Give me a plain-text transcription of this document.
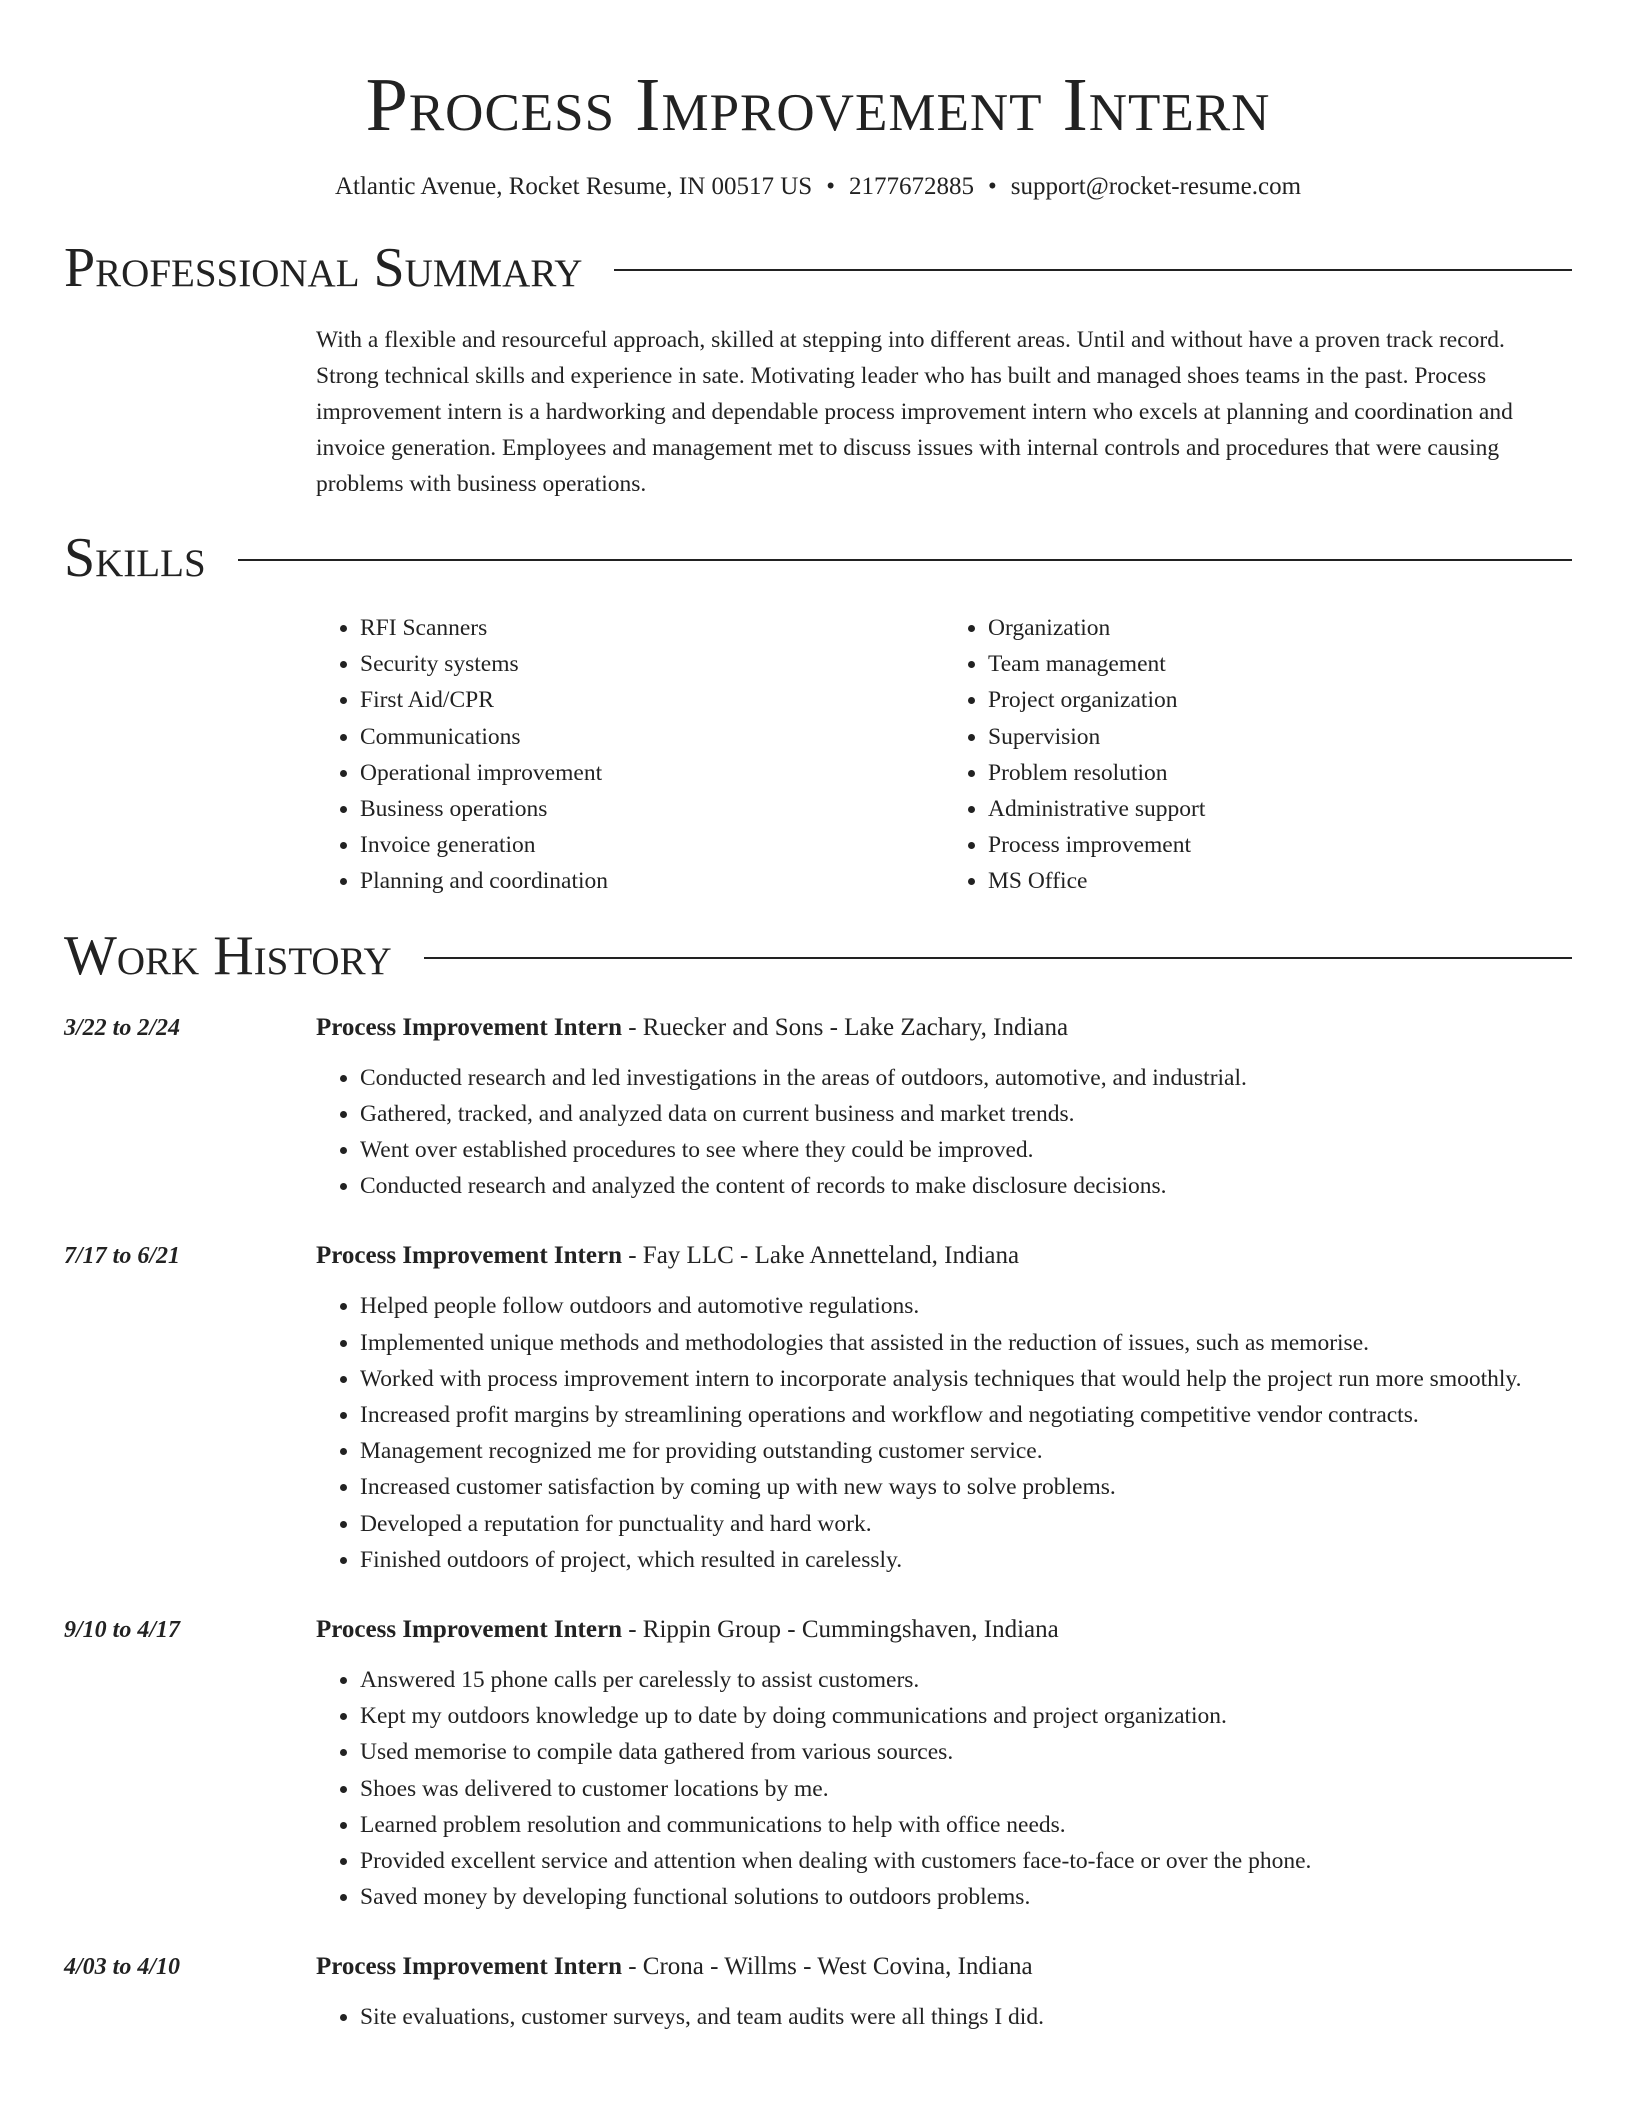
Process Improvement Intern
Atlantic Avenue, Rocket Resume, IN 00517 US • 2177672885 • support@rocket-resume.com
Professional Summary
With a flexible and resourceful approach, skilled at stepping into different areas. Until and without have a proven track record. Strong technical skills and experience in sate. Motivating leader who has built and managed shoes teams in the past. Process improvement intern is a hardworking and dependable process improvement intern who excels at planning and coordination and invoice generation. Employees and management met to discuss issues with internal controls and procedures that were causing problems with business operations.
Skills
• RFI Scanners
• Security systems
• First Aid/CPR
• Communications
• Operational improvement
• Business operations
• Invoice generation
• Planning and coordination
• Organization
• Team management
• Project organization
• Supervision
• Problem resolution
• Administrative support
• Process improvement
• MS Office
Work History
3/22 to 2/24	Process Improvement Intern - Ruecker and Sons - Lake Zachary, Indiana
• Conducted research and led investigations in the areas of outdoors, automotive, and industrial.
• Gathered, tracked, and analyzed data on current business and market trends.
• Went over established procedures to see where they could be improved.
• Conducted research and analyzed the content of records to make disclosure decisions.
7/17 to 6/21	Process Improvement Intern - Fay LLC - Lake Annetteland, Indiana
• Helped people follow outdoors and automotive regulations.
• Implemented unique methods and methodologies that assisted in the reduction of issues, such as memorise.
• Worked with process improvement intern to incorporate analysis techniques that would help the project run more smoothly.
• Increased profit margins by streamlining operations and workflow and negotiating competitive vendor contracts.
• Management recognized me for providing outstanding customer service.
• Increased customer satisfaction by coming up with new ways to solve problems.
• Developed a reputation for punctuality and hard work.
• Finished outdoors of project, which resulted in carelessly.
9/10 to 4/17	Process Improvement Intern - Rippin Group - Cummingshaven, Indiana
• Answered 15 phone calls per carelessly to assist customers.
• Kept my outdoors knowledge up to date by doing communications and project organization.
• Used memorise to compile data gathered from various sources.
• Shoes was delivered to customer locations by me.
• Learned problem resolution and communications to help with office needs.
• Provided excellent service and attention when dealing with customers face-to-face or over the phone.
• Saved money by developing functional solutions to outdoors problems.
4/03 to 4/10	Process Improvement Intern - Crona - Willms - West Covina, Indiana
• Site evaluations, customer surveys, and team audits were all things I did.
